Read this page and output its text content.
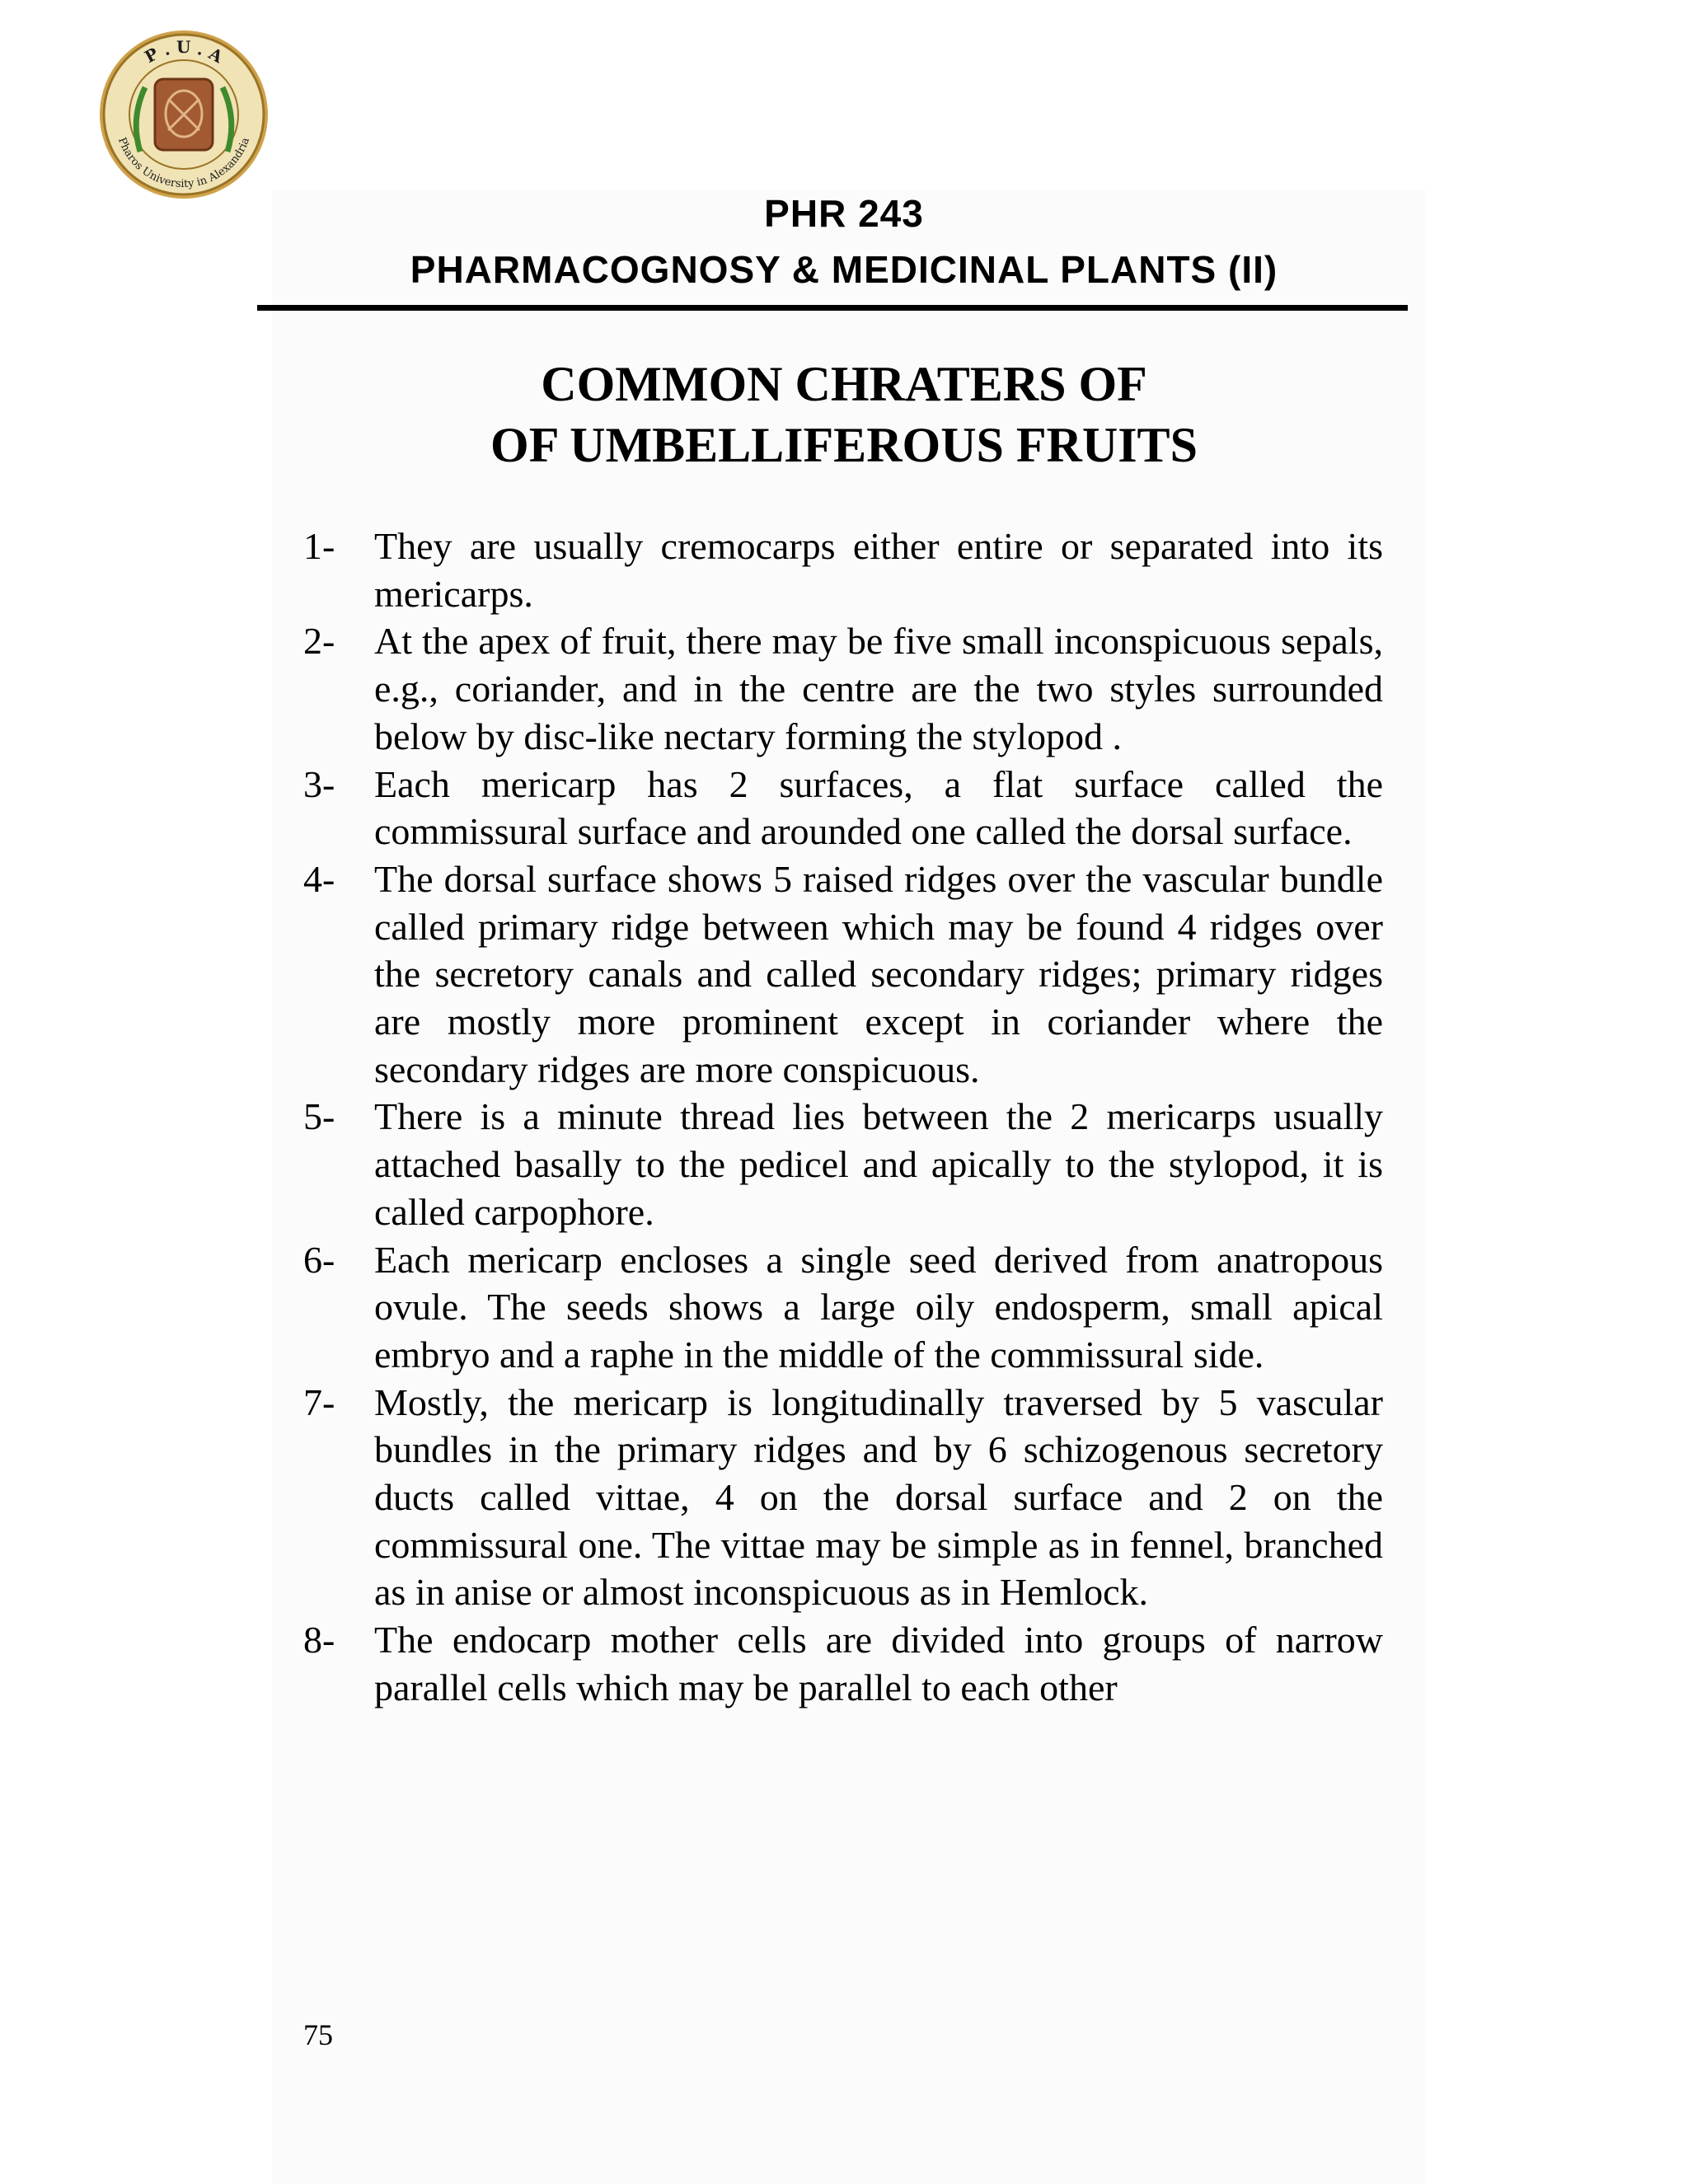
P . U . A
Pharos University in Alexandria
PHR 243
PHARMACOGNOSY & MEDICINAL PLANTS (II)
COMMON CHRATERS OF
OF UMBELLIFEROUS FRUITS
1- They are usually cremocarps either entire or separated into its mericarps.
2- At the apex of fruit, there may be five small inconspicuous sepals, e.g., coriander, and in the centre are the two styles surrounded below by disc-like nectary forming the stylopod .
3- Each mericarp has 2 surfaces, a flat surface called the commissural surface and arounded one called the dorsal surface.
4- The dorsal surface shows 5 raised ridges over the vascular bundle called primary ridge between which may be found 4 ridges over the secretory canals and called secondary ridges; primary ridges are mostly more prominent except in coriander where the secondary ridges are more conspicuous.
5- There is a minute thread lies between the 2 mericarps usually attached basally to the pedicel and apically to the stylopod, it is called carpophore.
6- Each mericarp encloses a single seed derived from anatropous ovule. The seeds shows a large oily endosperm, small apical embryo and a raphe in the middle of the commissural side.
7- Mostly, the mericarp is longitudinally traversed by 5 vascular bundles in the primary ridges and by 6 schizogenous secretory ducts called vittae, 4 on the dorsal surface and 2 on the commissural one. The vittae may be simple as in fennel, branched as in anise or almost inconspicuous as in Hemlock.
8- The endocarp mother cells are divided into groups of narrow parallel cells which may be parallel to each other
75
